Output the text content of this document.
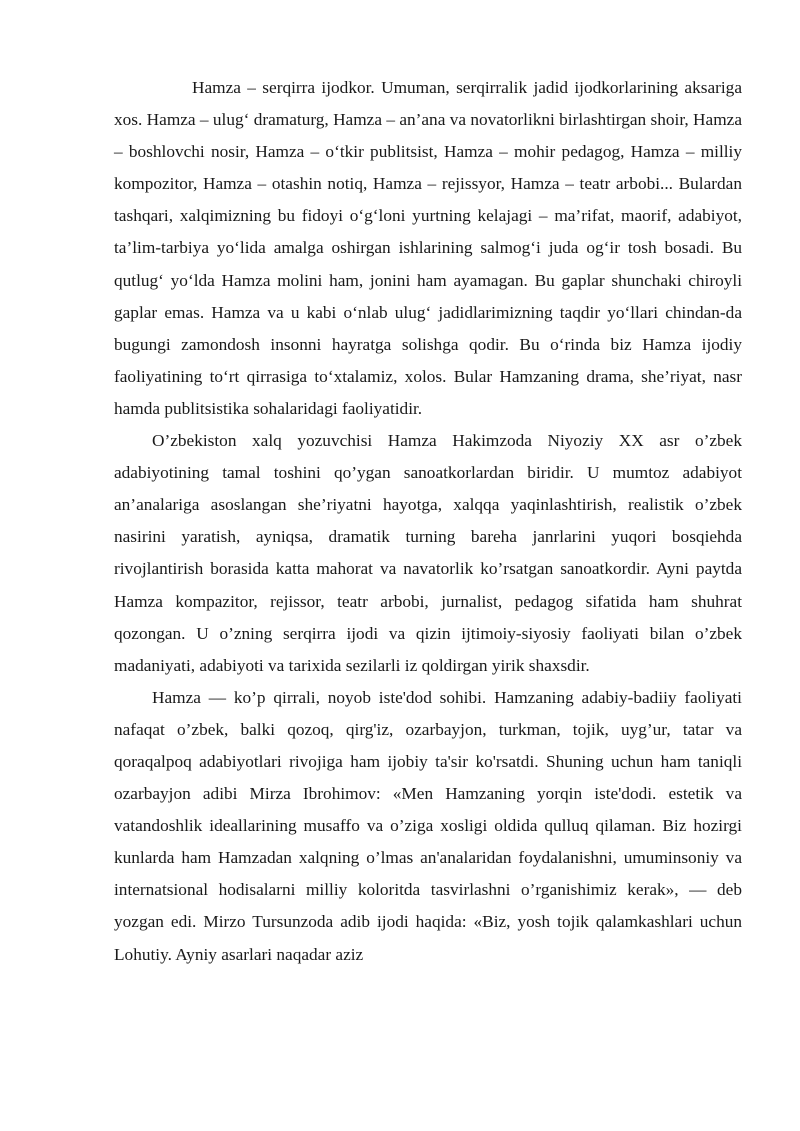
Hamza – serqirra ijodkor. Umuman, serqirralik jadid ijodkorlarining aksariga xos. Hamza – ulug‘ dramaturg, Hamza – an’ana va novatorlikni birlashtirgan shoir, Hamza – boshlovchi nosir, Hamza – o‘tkir publitsist, Hamza – mohir pedagog, Hamza – milliy kompozitor, Hamza – otashin notiq, Hamza – rejissyor, Hamza – teatr arbobi... Bulardan tashqari, xalqimizning bu fidoyi o‘g‘loni yurtning kelajagi – ma’rifat, maorif, adabiyot, ta’lim-tarbiya yo‘lida amalga oshirgan ishlarining salmog‘i juda og‘ir tosh bosadi. Bu qutlug‘ yo‘lda Hamza molini ham, jonini ham ayamagan. Bu gaplar shunchaki chiroyli gaplar emas. Hamza va u kabi o‘nlab ulug‘ jadidlarimizning taqdir yo‘llari chindan-da bugungi zamondosh insonni hayratga solishga qodir. Bu o‘rinda biz Hamza ijodiy faoliyatining to‘rt qirrasiga to‘xtalamiz, xolos. Bular Hamzaning drama, she’riyat, nasr hamda publitsistika sohalaridagi faoliyatidir.

O’zbekiston xalq yozuvchisi Hamza Hakimzoda Niyoziy XX asr o’zbek adabiyotining tamal toshini qo’ygan sanoatkorlardan biridir. U mumtoz adabiyot an’analariga asoslangan she’riyatni hayotga, xalqqa yaqinlashtirish, realistik o’zbek nasirini yaratish, ayniqsa, dramatik turning bareha janrlarini yuqori bosqiehda rivojlantirish borasida katta mahorat va navatorlik ko’rsatgan sanoatkordir. Ayni paytda Hamza kompazitor, rejissor, teatr arbobi, jurnalist, pedagog sifatida ham shuhrat qozongan. U o’zning serqirra ijodi va qizin ijtimoiy-siyosiy faoliyati bilan o’zbek madaniyati, adabiyoti va tarixida sezilarli iz qoldirgan yirik shaxsdir.

Hamza — ko’p qirrali, noyob iste'dod sohibi. Hamzaning adabiy-badiiy faoliyati nafaqat o’zbek, balki qozoq, qirg'iz, ozarbayjon, turkman, tojik, uyg’ur, tatar va qoraqalpoq adabiyotlari rivojiga ham ijobiy ta'sir ko'rsatdi. Shuning uchun ham taniqli ozarbayjon adibi Mirza Ibrohimov: «Men Hamzaning yorqin iste'dodi. estetik va vatandoshlik ideallarining musaffo va o’ziga xosligi oldida qulluq qilaman. Biz hozirgi kunlarda ham Hamzadan xalqning o’lmas an'analaridan foydalanishni, umuminsoniy va internatsional hodisalarni milliy koloritda tasvirlashni o’rganishimiz kerak», — deb yozgan edi. Mirzo Tursunzoda adib ijodi haqida: «Biz, yosh tojik qalamkashlari uchun Lohutiy. Ayniy asarlari naqadar aziz
